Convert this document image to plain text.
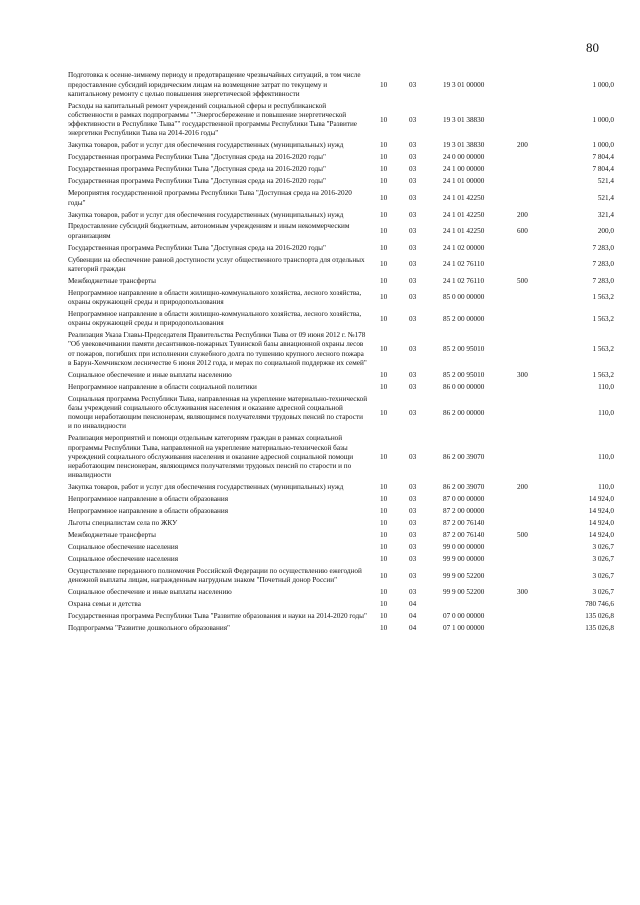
80
Подготовка к осенне-зимнему периоду и предотвращение чрезвычайных ситуаций, в том числе предоставление субсидий юридическим лицам на возмещение затрат по текущему и капитальному ремонту с целью повышения энергетической эффективности	10	03	19 3 01 00000		1 000,0
Расходы на капитальный ремонт учреждений социальной сферы и республиканской собственности в рамках подпрограммы ""Энергосбережение и повышение энергетической эффективности в Республике Тыва"" государственной программы Республики Тыва "Развитие энергетики Республики Тыва на 2014-2016 годы"	10	03	19 3 01 38830		1 000,0
Закупка товаров, работ и услуг для обеспечения государственных (муниципальных) нужд	10	03	19 3 01 38830	200	1 000,0
Государственная программа Республики Тыва "Доступная среда на 2016-2020 годы"	10	03	24 0 00 00000		7 804,4
Государственная программа Республики Тыва "Доступная среда на 2016-2020 годы"	10	03	24 1 00 00000		7 804,4
Государственная программа Республики Тыва "Доступная среда на 2016-2020 годы"	10	03	24 1 01 00000		521,4
Мероприятия государственной программы Республики Тыва "Доступная среда на 2016-2020 годы"	10	03	24 1 01 42250		521,4
Закупка товаров, работ и услуг для обеспечения государственных (муниципальных) нужд	10	03	24 1 01 42250	200	321,4
Предоставление субсидий бюджетным, автономным учреждениям и иным некоммерческим организациям	10	03	24 1 01 42250	600	200,0
Государственная программа Республики Тыва "Доступная среда на 2016-2020 годы"	10	03	24 1 02 00000		7 283,0
Субвенции на обеспечение равной доступности услуг общественного транспорта для отдельных категорий граждан	10	03	24 1 02 76110		7 283,0
Межбюджетные трансферты	10	03	24 1 02 76110	500	7 283,0
Непрограммное направление в области жилищно-коммунального хозяйства, лесного хозяйства, охраны окружающей среды и природопользования	10	03	85 0 00 00000		1 563,2
Непрограммное направление в области жилищно-коммунального хозяйства, лесного хозяйства, охраны окружающей среды и природопользования	10	03	85 2 00 00000		1 563,2
Реализация Указа Главы-Председателя Правительства Республики Тыва от 09 июня 2012 г. №178 "Об увековечивании памяти десантников-пожарных Тувинской базы авиационной охраны лесов от пожаров, погибших при исполнении служебного долга по тушению крупного лесного пожара в Барун-Хемчикском лесничестве 6 июня 2012 года, и мерах по социальной поддержке их семей"	10	03	85 2 00 95010		1 563,2
Социальное обеспечение и иные выплаты населению	10	03	85 2 00 95010	300	1 563,2
Непрограммное направление в области социальной политики	10	03	86 0 00 00000		110,0
Социальная программа Республики Тыва, направленная на укрепление материально-технической базы учреждений социального обслуживания населения и оказание адресной социальной помощи неработающим пенсионерам, являющимся получателями трудовых пенсий по старости и по инвалидности	10	03	86 2 00 00000		110,0
Реализация мероприятий и помощи отдельным категориям граждан в рамках социальной программы Республики Тыва, направленной на укрепление материально-технической базы учреждений социального обслуживания населения и оказание адресной социальной помощи неработающим пенсионерам, являющимся получателями трудовых пенсий по старости и по инвалидности	10	03	86 2 00 39070		110,0
Закупка товаров, работ и услуг для обеспечения государственных (муниципальных) нужд	10	03	86 2 00 39070	200	110,0
Непрограммное направление в области образования	10	03	87 0 00 00000		14 924,0
Непрограммное направление в области образования	10	03	87 2 00 00000		14 924,0
Льготы специалистам села по ЖКУ	10	03	87 2 00 76140		14 924,0
Межбюджетные трансферты	10	03	87 2 00 76140	500	14 924,0
Социальное обеспечение населения	10	03	99 0 00 00000		3 026,7
Социальное обеспечение населения	10	03	99 9 00 00000		3 026,7
Осуществление переданного полномочия Российской Федерации по осуществлению ежегодной денежной выплаты лицам, награжденным нагрудным знаком "Почетный донор России"	10	03	99 9 00 52200		3 026,7
Социальное обеспечение и иные выплаты населению	10	03	99 9 00 52200	300	3 026,7
Охрана семьи и детства	10	04			780 746,6
Государственная программа Республики Тыва "Развитие образования и науки на 2014-2020 годы"	10	04	07 0 00 00000		135 026,8
Подпрограмма "Развитие дошкольного образования"	10	04	07 1 00 00000		135 026,8
